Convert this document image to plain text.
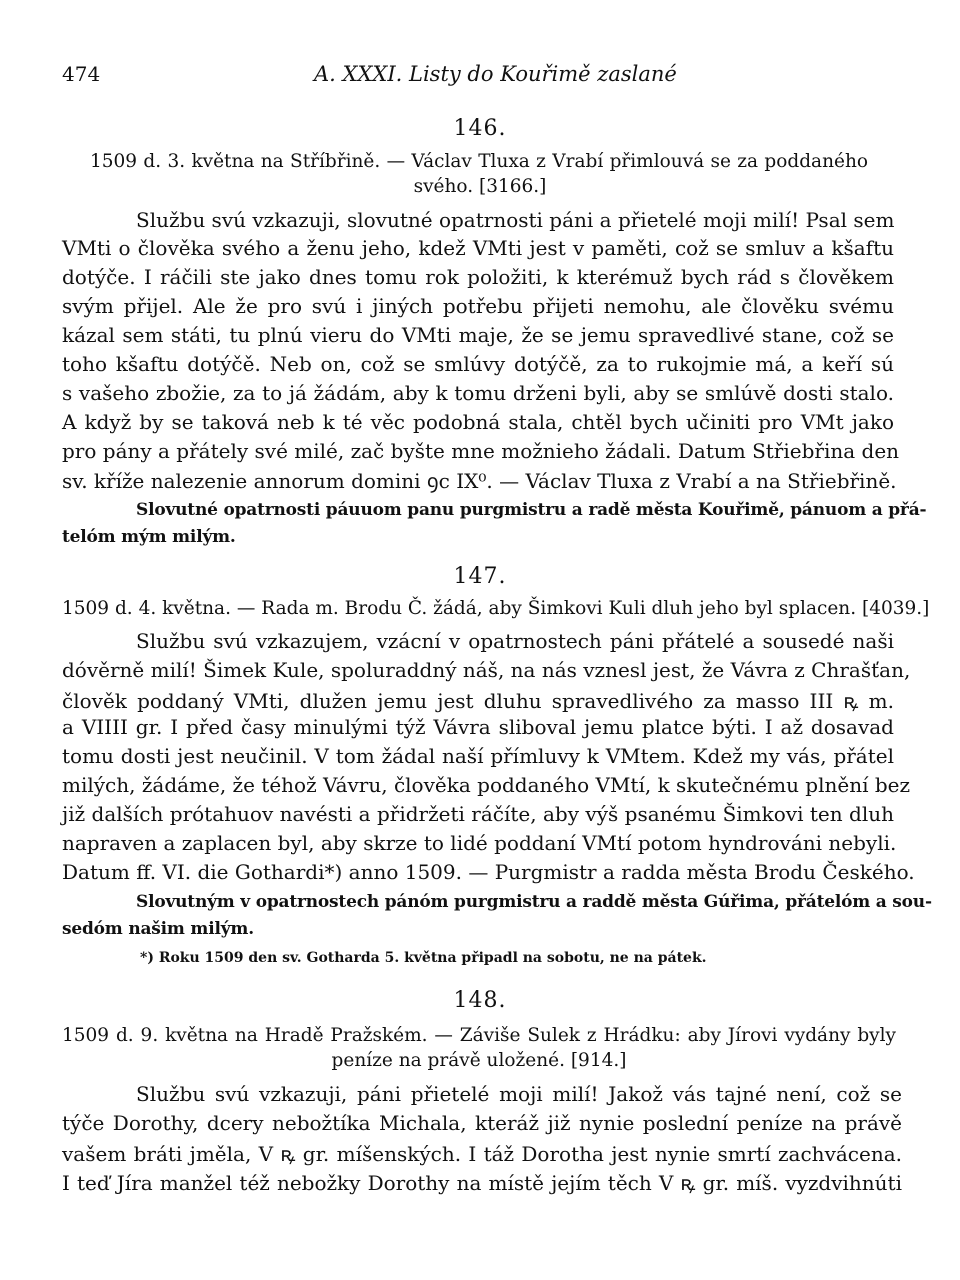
474	A. XXXI. Listy do Kouřimě zaslané
146.
1509 d. 3. května na Stříbřině. — Václav Tluxa z Vrabí přimlouvá se za poddaného
svého. [3166.]
Službu svú vzkazuji, slovutné opatrnosti páni a přietelé moji milí! Psal sem
VMti o člověka svého a ženu jeho, kdež VMti jest v paměti, což se smluv a kšaftu
dotýče. I ráčili ste jako dnes tomu rok položiti, k kterémuž bych rád s člověkem
svým přijel. Ale že pro svú i jiných potřebu přijeti nemohu, ale člověku svému
kázal sem státi, tu plnú vieru do VMti maje, že se jemu spravedlivé stane, což se
toho kšaftu dotýčě. Neb on, což se smlúvy dotýčě, za to rukojmie má, a keří sú
s vašeho zbožie, za to já žádám, aby k tomu drženi byli, aby se smlúvě dosti stalo.
A když by se taková neb k té věc podobná stala, chtěl bych učiniti pro VMt jako
pro pány a přátely své milé, zač byšte mne možnieho žádali. Datum Střiebřina den
sv. kříže nalezenie annorum domini ꝯc IX⁰. — Václav Tluxa z Vrabí a na Střiebřině.
Slovutné opatrnosti páuuom panu purgmistru a radě města Kouřimě, pánuom a přá-
telóm mým milým.
147.
1509 d. 4. května. — Rada m. Brodu Č. žádá, aby Šimkovi Kuli dluh jeho byl splacen. [4039.]
Službu svú vzkazujem, vzácní v opatrnostech páni přátelé a sousedé naši
dóvěrně milí! Šimek Kule, spoluraddný náš, na nás vznesl jest, že Vávra z Chrašťan,
člověk poddaný VMti, dlužen jemu jest dluhu spravedlivého za masso III ꝶ m.
a VIIII gr. I před časy minulými týž Vávra sliboval jemu platce býti. I až dosavad
tomu dosti jest neučinil. V tom žádal naší přímluvy k VMtem. Kdež my vás, přátel
milých, žádáme, že téhož Vávru, člověka poddaného VMtí, k skutečnému plnění bez
již dalších prótahuov navésti a přidržeti ráčíte, aby výš psanému Šimkovi ten dluh
napraven a zaplacen byl, aby skrze to lidé poddaní VMtí potom hyndrováni nebyli.
Datum ff. VI. die Gothardi*) anno 1509. — Purgmistr a radda města Brodu Českého.
Slovutným v opatrnostech pánóm purgmistru a raddě města Gúřima, přátelóm a sou-
sedóm našim milým.
*) Roku 1509 den sv. Gotharda 5. května připadl na sobotu, ne na pátek.
148.
1509 d. 9. května na Hradě Pražském. — Záviše Sulek z Hrádku: aby Jírovi vydány byly
peníze na právě uložené. [914.]
Službu svú vzkazuji, páni přietelé moji milí! Jakož vás tajné není, což se
týče Dorothy, dcery nebožtíka Michala, kteráž již nynie poslední peníze na právě
vašem bráti jměla, V ꝶ gr. míšenských. I táž Dorotha jest nynie smrtí zachvácena.
I teď Jíra manžel též nebožky Dorothy na místě jejím těch V ꝶ gr. míš. vyzdvihnúti
